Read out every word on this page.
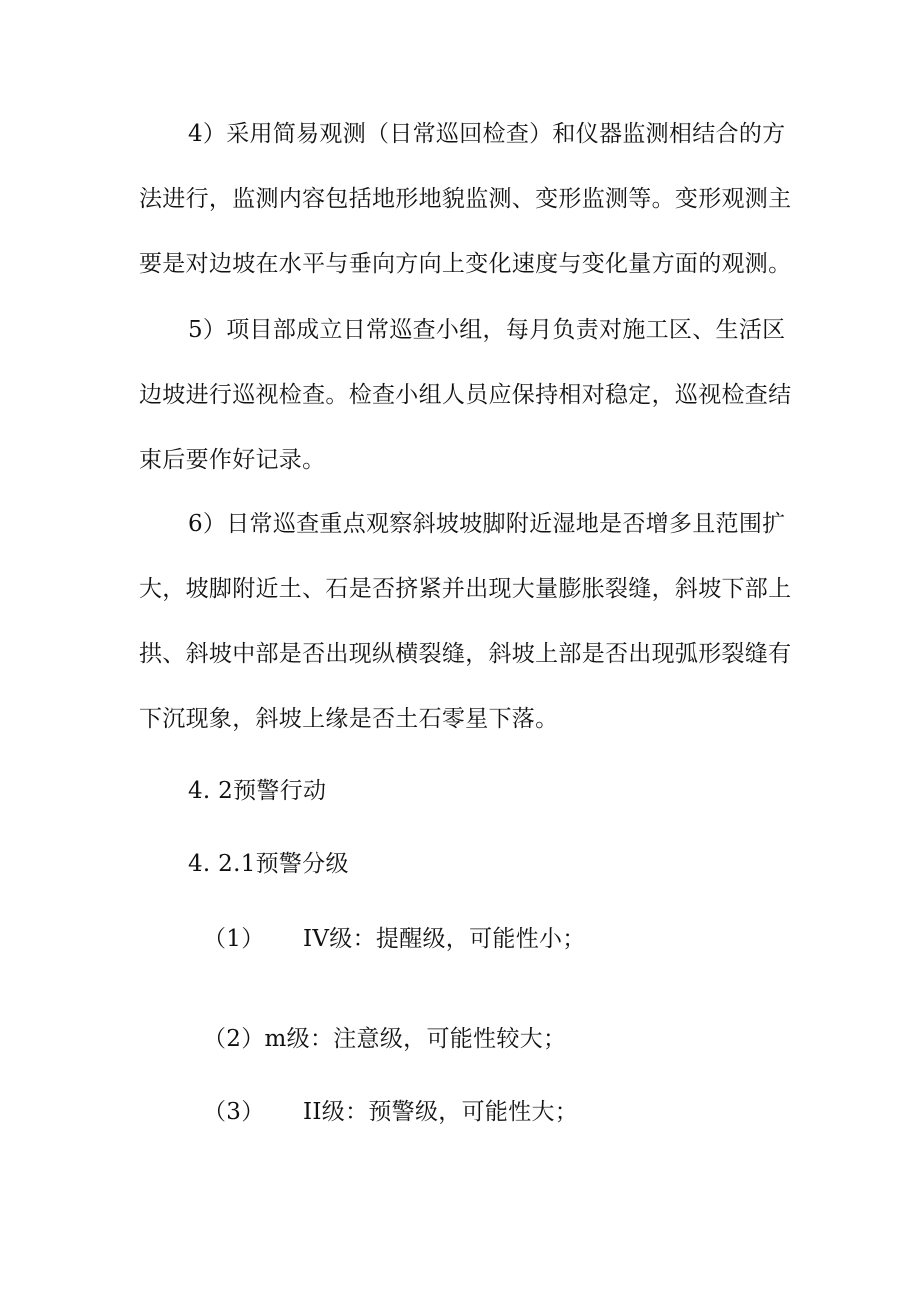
4）采用简易观测（日常巡回检查）和仪器监测相结合的方
法进行，监测内容包括地形地貌监测、变形监测等。变形观测主
要是对边坡在水平与垂向方向上变化速度与变化量方面的观测。
5）项目部成立日常巡查小组，每月负责对施工区、生活区
边坡进行巡视检查。检查小组人员应保持相对稳定，巡视检查结
束后要作好记录。
6）日常巡查重点观察斜坡坡脚附近湿地是否增多且范围扩
大，坡脚附近土、石是否挤紧并出现大量膨胀裂缝，斜坡下部上
拱、斜坡中部是否出现纵横裂缝，斜坡上部是否出现弧形裂缝有
下沉现象，斜坡上缘是否土石零星下落。
4. 2预警行动
4. 2.1预警分级
（1） IV级：提醒级，可能性小；
（2）m级：注意级，可能性较大；
（3） II级：预警级，可能性大；
